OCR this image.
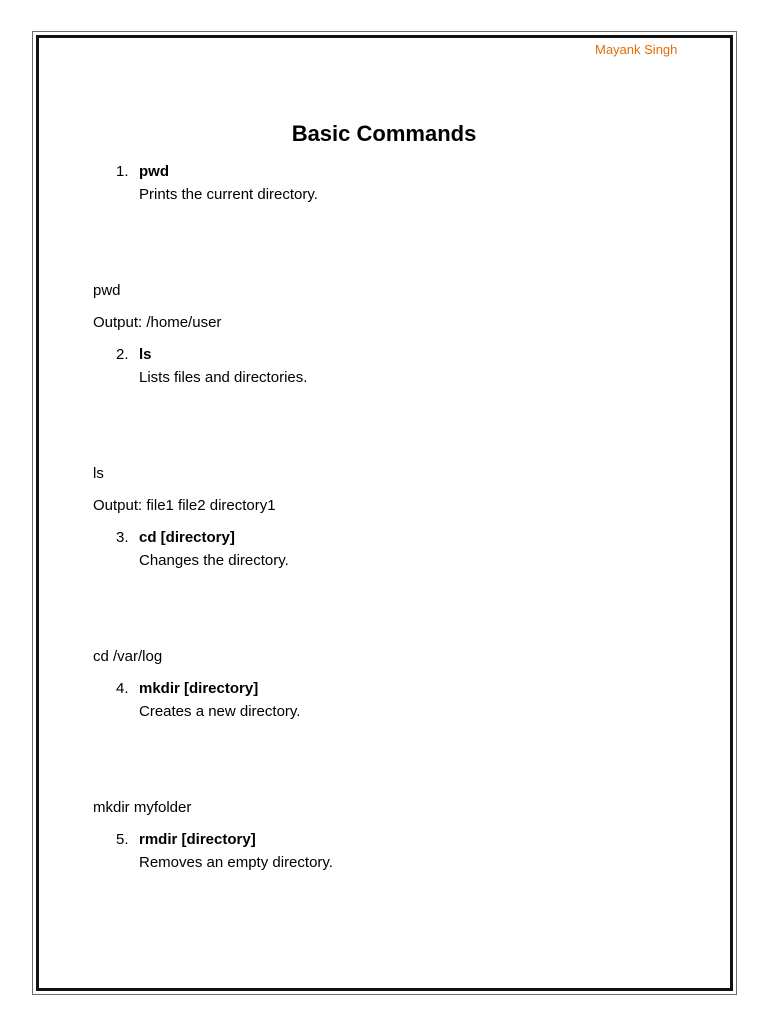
Mayank Singh
Basic Commands
1. pwd
Prints the current directory.
pwd
Output: /home/user
2. ls
Lists files and directories.
ls
Output: file1 file2 directory1
3. cd [directory]
Changes the directory.
cd /var/log
4. mkdir [directory]
Creates a new directory.
mkdir myfolder
5. rmdir [directory]
Removes an empty directory.
